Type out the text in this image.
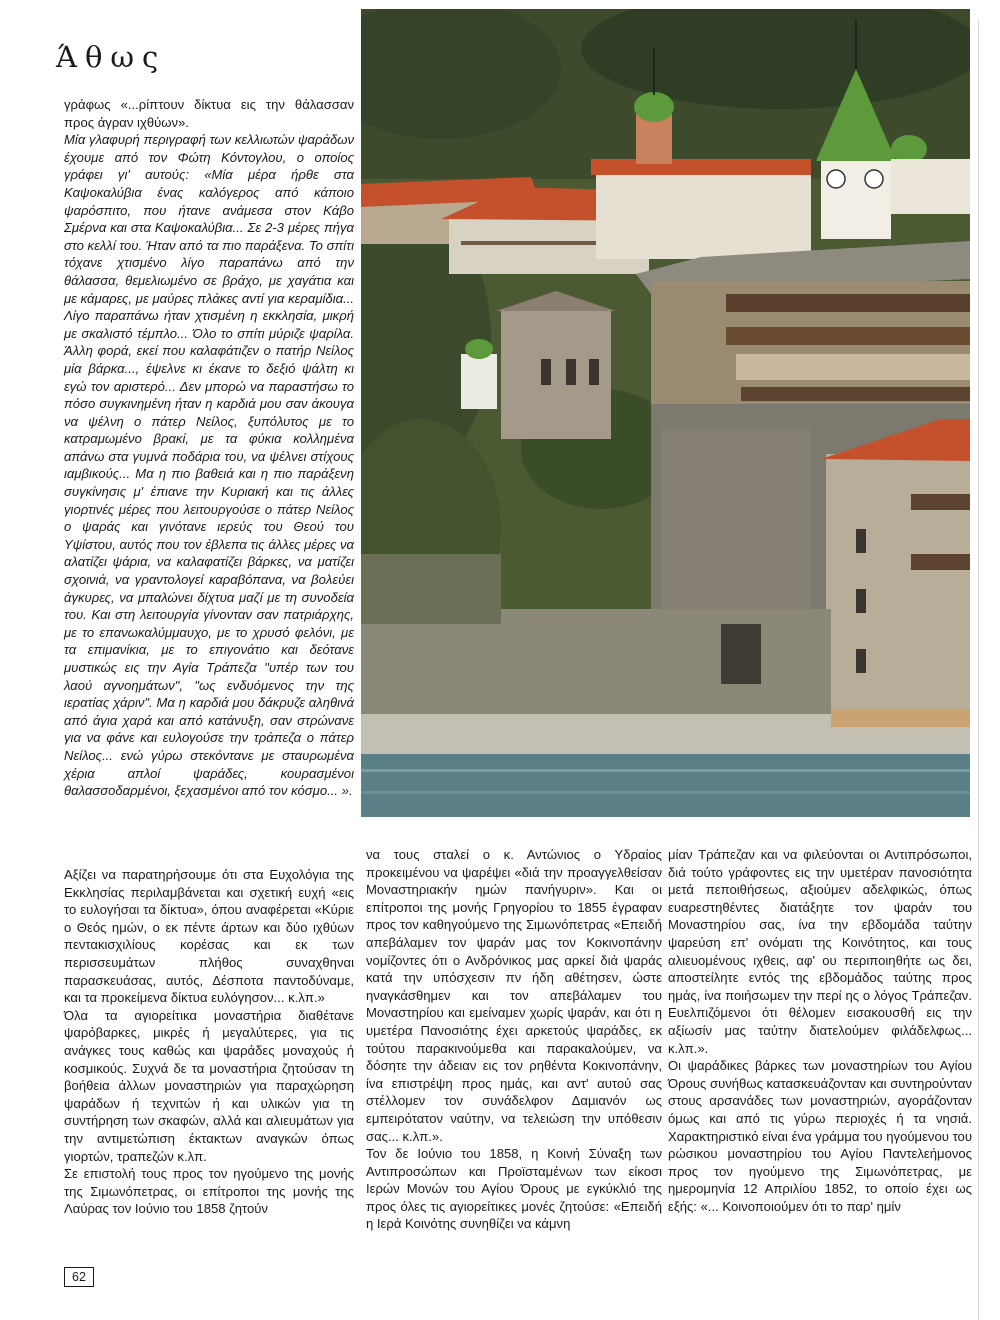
Άθως

γράφως «...ρίπτουν δίκτυα εις την θάλασσαν προς άγραν ιχθύων».

Μία γλαφυρή περιγραφή των κελλιωτών ψαράδων έχουμε από τον Φώτη Κόντογλου, ο οποίος γράφει γι' αυτούς: «Μία μέρα ήρθε στα Καψοκαλύβια ένας καλόγερος από κάποιο ψαρόσπιτο, που ήτανε ανάμεσα στον Κάβο Σμέρνα και στα Καψοκαλύβια... Σε 2-3 μέρες πήγα στο κελλί του. Ήταν από τα πιο παράξενα. Το σπίτι τόχανε χτισμένο λίγο παραπάνω από την θάλασσα, θεμελιωμένο σε βράχο, με χαγάτια και με κάμαρες, με μαύρες πλάκες αντί για κεραμίδια... Λίγο παραπάνω ήταν χτισμένη η εκκλησία, μικρή με σκαλιστό τέμπλο... Όλο το σπίτι μύριζε ψαρίλα. Άλλη φορά, εκεί που καλαφάτιζεν ο πατήρ Νείλος μία βάρκα..., έψελνε κι έκανε το δεξιό ψάλτη κι εγώ τον αριστερό... Δεν μπορώ να παραστήσω το πόσο συγκινημένη ήταν η καρδιά μου σαν άκουγα να ψέλνη ο πάτερ Νείλος, ξυπόλυτος με το κατραμωμένο βρακί, με τα φύκια κολλημένα απάνω στα γυμνά ποδάρια του, να ψέλνει στίχους ιαμβικούς... Μα η πιο βαθειά και η πιο παράξενη συγκίνησις μ' έπιανε την Κυριακή και τις άλλες γιορτινές μέρες που λειτουργούσε ο πάτερ Νείλος ο ψαράς και γινότανε ιερεύς του Θεού του Υψίστου, αυτός που τον έβλεπα τις άλλες μέρες να αλατίζει ψάρια, να καλαφατίζει βάρκες, να ματίζει σχοινιά, να γραντολογεί καραβόπανα, να βολεύει άγκυρες, να μπαλώνει δίχτυα μαζί με τη συνοδεία του. Και στη λειτουργία γίνονταν σαν πατριάρχης, με το επανωκαλύμμαυχο, με το χρυσό φελόνι, με τα επιμανίκια, με το επιγονάτιο και δεότανε μυστικώς εις την Αγία Τράπεζα "υπέρ των του λαού αγνοημάτων", "ως ενδυόμενος την της ιερατίας χάριν". Μα η καρδιά μου δάκρυζε αληθινά από άγια χαρά και από κατάνυξη, σαν στρώνανε για να φάνε και ευλογούσε την τράπεζα ο πάτερ Νείλος... ενώ γύρω στεκόντανε με σταυρωμένα χέρια απλοί ψαράδες, κουρασμένοι θαλασσοδαρμένοι, ξεχασμένοι από τον κόσμο... ».

Αξίζει να παρατηρήσουμε ότι στα Ευχολόγια της Εκκλησίας περιλαμβάνεται και σχετική ευχή «εις το ευλογήσαι τα δίκτυα», όπου αναφέρεται «Κύριε ο Θεός ημών, ο εκ πέντε άρτων και δύο ιχθύων πεντακισχιλίους κορέσας και εκ των περισσευμάτων πλήθος συναχθηναι παρασκευάσας, αυτός, Δέσποτα παντοδύναμε, και τα προκείμενα δίκτυα ευλόγησον... κ.λπ.»

Όλα τα αγιορείτικα μοναστήρια διαθέτανε ψαρόβαρκες, μικρές ή μεγαλύτερες, για τις ανάγκες τους καθώς και ψαράδες μοναχούς ή κοσμικούς. Συχνά δε τα μοναστήρια ζητούσαν τη βοήθεια άλλων μοναστηριών για παραχώρηση ψαράδων ή τεχνιτών ή και υλικών για τη συντήρηση των σκαφών, αλλά και αλιευμάτων για την αντιμετώπιση έκτακτων αναγκών όπως γιορτών, τραπεζών κ.λπ.

Σε επιστολή τους προς τον ηγούμενο της μονής της Σιμωνόπετρας, οι επίτροποι της μονής της Λαύρας τον Ιούνιο του 1858 ζητούν

να τους σταλεί ο κ. Αντώνιος ο Υδραίος προκειμένου να ψαρέψει «διά την προαγγελθείσαν Μοναστηριακήν ημών πανήγυριν». Και οι επίτροποι της μονής Γρηγορίου το 1855 έγραφαν προς τον καθηγούμενο της Σιμωνόπετρας «Επειδή απεβάλαμεν τον ψαράν μας τον Κοκινοπάνην νομίζοντες ότι ο Ανδρόνικος μας αρκεί διά ψαράς κατά την υπόσχεσιν πν ήδη αθέτησεν, ώστε ηναγκάσθημεν και τον απεβάλαμεν του Μοναστηρίου και εμείναμεν χωρίς ψαράν, και ότι η υμετέρα Πανοσιότης έχει αρκετούς ψαράδες, εκ τούτου παρακινούμεθα και παρακαλούμεν, να δόσητε την άδειαν εις τον ρηθέντα Κοκινοπάνην, ίνα επιστρέψη προς ημάς, και αντ' αυτού σας στέλλομεν τον συνάδελφον Δαμιανόν ως εμπειρότατον ναύτην, να τελειώση την υπόθεσιν σας... κ.λπ.».

Τον δε Ιούνιο του 1858, η Κοινή Σύναξη των Αντιπροσώπων και Προϊσταμένων των είκοσι Ιερών Μονών του Αγίου Όρους με εγκύκλιό της προς όλες τις αγιορείτικες μονές ζητούσε: «Επειδή η Ιερά Κοινότης συνηθίζει να κάμνη

μίαν Τράπεζαν και να φιλεύονται οι Αντιπρόσωποι, διά τούτο γράφοντες εις την υμετέραν πανοσιότητα μετά πεποιθήσεως, αξιούμεν αδελφικώς, όπως ευαρεστηθέντες διατάξητε τον ψαράν του Μοναστηρίου σας, ίνα την εβδομάδα ταύτην ψαρεύση επ' ονόματι της Κοινότητος, και τους αλιευομένους ιχθεις, αφ' ου περιποιηθήτε ως δει, αποστείλητε εντός της εβδομάδος ταύτης προς ημάς, ίνα ποιήσωμεν την περί ης ο λόγος Τράπεζαν. Ευελπιζόμενοι ότι θέλομεν εισακουσθή εις την αξίωσίν μας ταύτην διατελούμεν φιλάδελφως... κ.λπ.».

Οι ψαράδικες βάρκες των μοναστηρίων του Αγίου Όρους συνήθως κατασκευάζονταν και συντηρούνταν στους αρσανάδες των μοναστηριών, αγοράζονταν όμως και από τις γύρω περιοχές ή τα νησιά. Χαρακτηριστικό είναι ένα γράμμα του ηγούμενου του ρώσικου μοναστηρίου του Αγίου Παντελεήμονος προς τον ηγούμενο της Σιμωνόπετρας, με ημερομηνία 12 Απριλίου 1852, το οποίο έχει ως εξής: «... Κοινοποιούμεν ότι το παρ' ημίν

62
